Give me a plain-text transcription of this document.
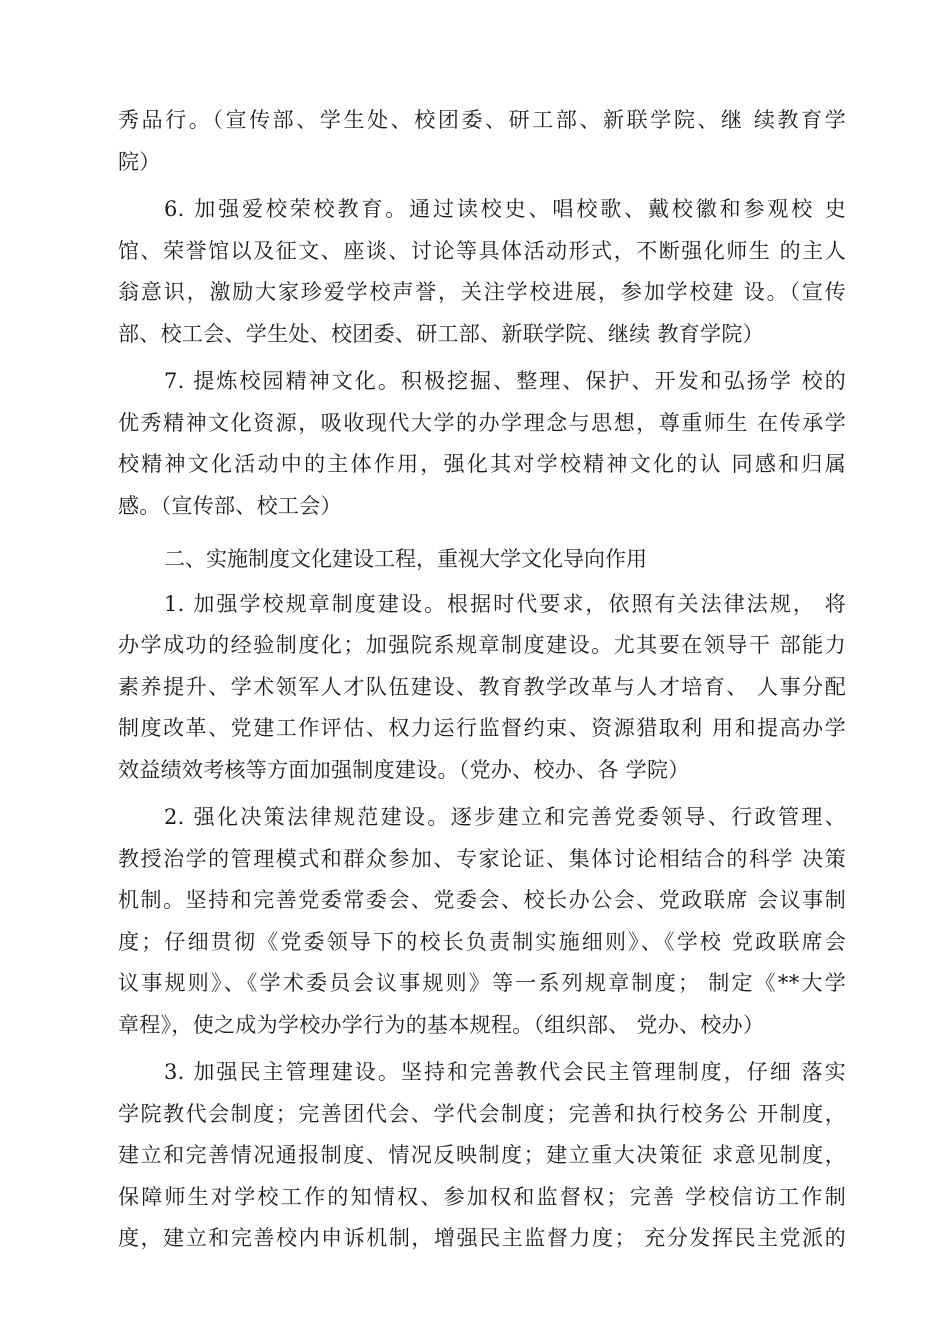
秀品行。（宣传部、学生处、校团委、研工部、新联学院、继 续教育学
院）
6. 加强爱校荣校教育。通过读校史、唱校歌、戴校徽和参观校 史
馆、荣誉馆以及征文、座谈、讨论等具体活动形式，不断强化师生 的主人
翁意识，激励大家珍爱学校声誉，关注学校进展，参加学校建 设。（宣传
部、校工会、学生处、校团委、研工部、新联学院、继续 教育学院）
7. 提炼校园精神文化。积极挖掘、整理、保护、开发和弘扬学 校的
优秀精神文化资源，吸收现代大学的办学理念与思想，尊重师生 在传承学
校精神文化活动中的主体作用，强化其对学校精神文化的认 同感和归属
感。（宣传部、校工会）
二、实施制度文化建设工程，重视大学文化导向作用
1. 加强学校规章制度建设。根据时代要求，依照有关法律法规， 将
办学成功的经验制度化；加强院系规章制度建设。尤其要在领导干 部能力
素养提升、学术领军人才队伍建设、教育教学改革与人才培育、 人事分配
制度改革、党建工作评估、权力运行监督约束、资源猎取利 用和提高办学
效益绩效考核等方面加强制度建设。（党办、校办、各 学院）
2. 强化决策法律规范建设。逐步建立和完善党委领导、行政管理、
教授治学的管理模式和群众参加、专家论证、集体讨论相结合的科学 决策
机制。坚持和完善党委常委会、党委会、校长办公会、党政联席 会议事制
度；仔细贯彻《党委领导下的校长负责制实施细则》、《学校 党政联席会
议事规则》、《学术委员会议事规则》等一系列规章制度； 制定《**大学
章程》，使之成为学校办学行为的基本规程。（组织部、 党办、校办）
3. 加强民主管理建设。坚持和完善教代会民主管理制度，仔细 落实
学院教代会制度；完善团代会、学代会制度；完善和执行校务公 开制度，
建立和完善情况通报制度、情况反映制度；建立重大决策征 求意见制度，
保障师生对学校工作的知情权、参加权和监督权；完善 学校信访工作制
度，建立和完善校内申诉机制，增强民主监督力度； 充分发挥民主党派的
